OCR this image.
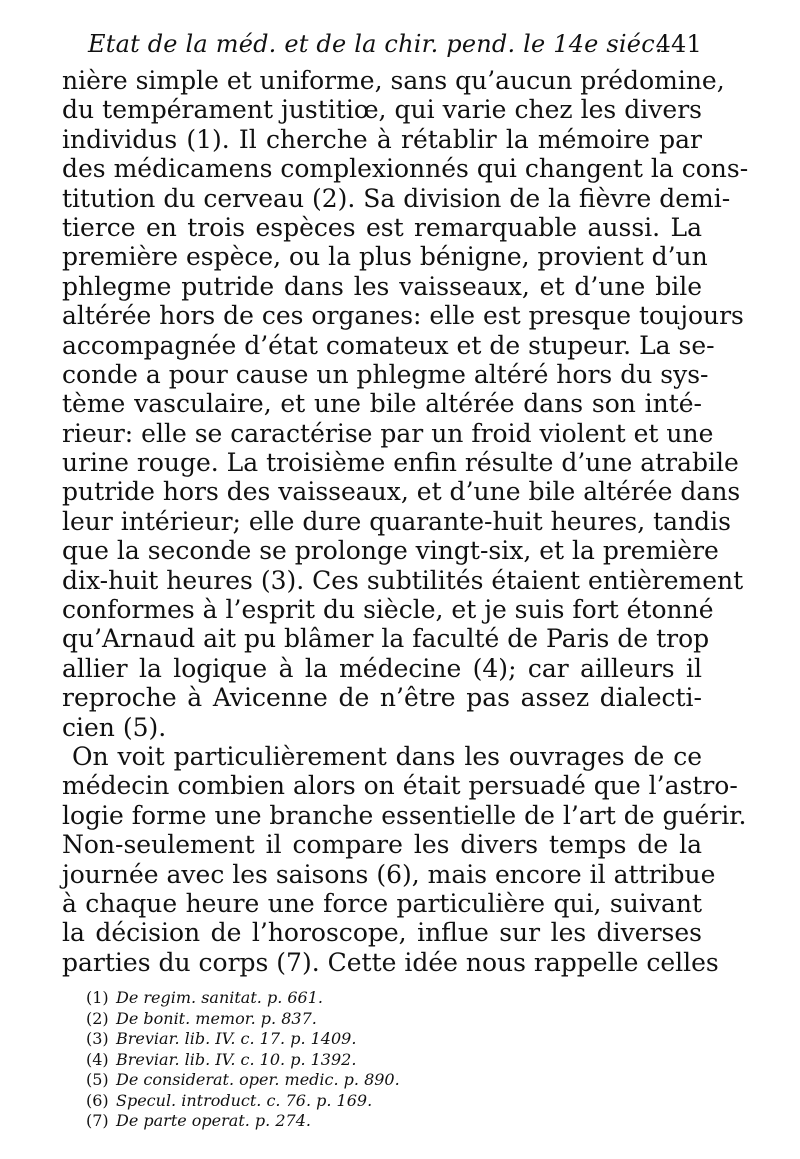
Etat de la méd. et de la chir. pend. le 14e siéc.
441
nière simple et uniforme, sans qu’aucun prédomine,
du tempérament justitiœ, qui varie chez les divers
individus (1). Il cherche à rétablir la mémoire par
des médicamens complexionnés qui changent la cons-
titution du cerveau (2). Sa division de la fièvre demi-
tierce en trois espèces est remarquable aussi. La
première espèce, ou la plus bénigne, provient d’un
phlegme putride dans les vaisseaux, et d’une bile
altérée hors de ces organes: elle est presque toujours
accompagnée d’état comateux et de stupeur. La se-
conde a pour cause un phlegme altéré hors du sys-
tème vasculaire, et une bile altérée dans son inté-
rieur: elle se caractérise par un froid violent et une
urine rouge. La troisième enfin résulte d’une atrabile
putride hors des vaisseaux, et d’une bile altérée dans
leur intérieur; elle dure quarante-huit heures, tandis
que la seconde se prolonge vingt-six, et la première
dix-huit heures (3). Ces subtilités étaient entièrement
conformes à l’esprit du siècle, et je suis fort étonné
qu’Arnaud ait pu blâmer la faculté de Paris de trop
allier la logique à la médecine (4); car ailleurs il
reproche à Avicenne de n’être pas assez dialecti-
cien (5).
On voit particulièrement dans les ouvrages de ce
médecin combien alors on était persuadé que l’astro-
logie forme une branche essentielle de l’art de guérir.
Non-seulement il compare les divers temps de la
journée avec les saisons (6), mais encore il attribue
à chaque heure une force particulière qui, suivant
la décision de l’horoscope, influe sur les diverses
parties du corps (7). Cette idée nous rappelle celles
(1) De regim. sanitat. p. 661.
(2) De bonit. memor. p. 837.
(3) Breviar. lib. IV. c. 17. p. 1409.
(4) Breviar. lib. IV. c. 10. p. 1392.
(5) De considerat. oper. medic. p. 890.
(6) Specul. introduct. c. 76. p. 169.
(7) De parte operat. p. 274.
